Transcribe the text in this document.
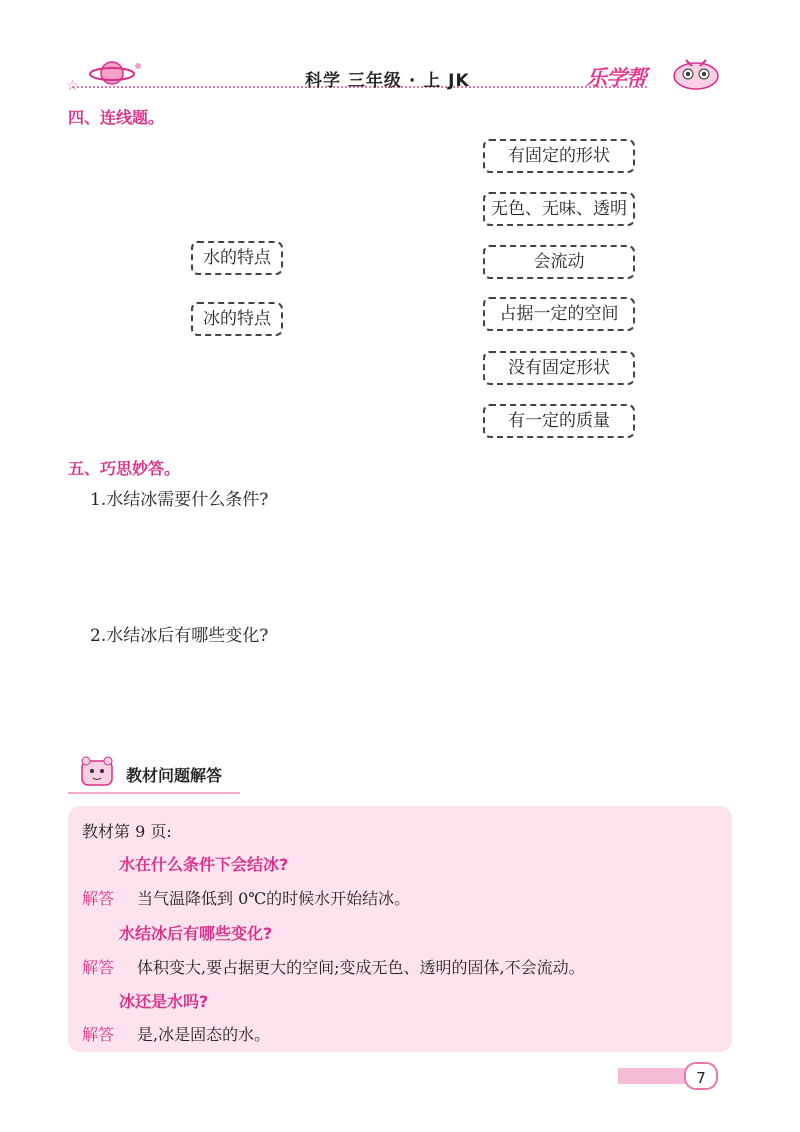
☆	科学 三年级 · 上 JK	乐学帮
四、连线题。
水的特点
冰的特点
有固定的形状
无色、无味、透明
会流动
占据一定的空间
没有固定形状
有一定的质量
五、巧思妙答。
1.水结冰需要什么条件?
2.水结冰后有哪些变化?
教材问题解答
教材第 9 页:
水在什么条件下会结冰?
解答 当气温降低到 0℃的时候水开始结冰。
水结冰后有哪些变化?
解答 体积变大,要占据更大的空间;变成无色、透明的固体,不会流动。
冰还是水吗?
解答 是,冰是固态的水。
7
